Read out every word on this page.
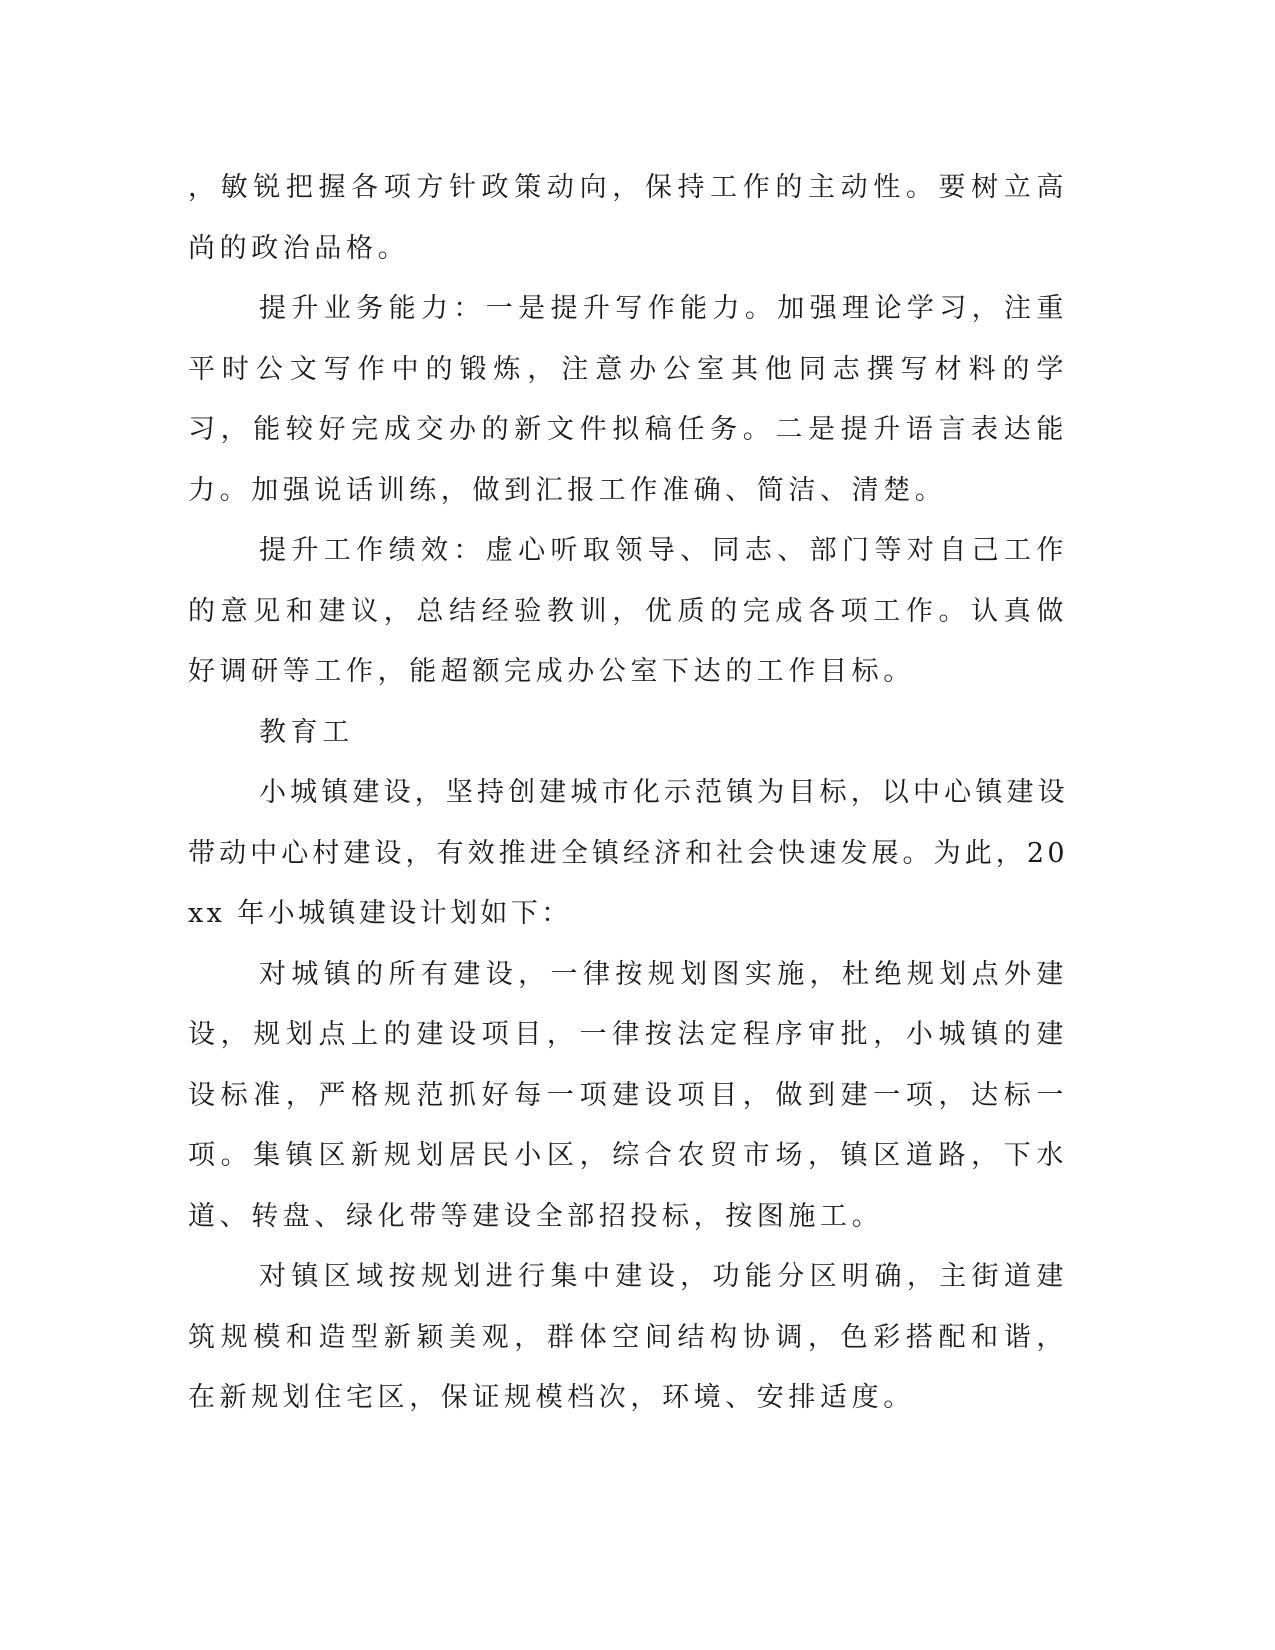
，敏锐把握各项方针政策动向，保持工作的主动性。要树立高尚的政治品格。

提升业务能力：一是提升写作能力。加强理论学习，注重平时公文写作中的锻炼，注意办公室其他同志撰写材料的学习，能较好完成交办的新文件拟稿任务。二是提升语言表达能力。加强说话训练，做到汇报工作准确、简洁、清楚。

提升工作绩效：虚心听取领导、同志、部门等对自己工作的意见和建议，总结经验教训，优质的完成各项工作。认真做好调研等工作，能超额完成办公室下达的工作目标。

教育工

小城镇建设，坚持创建城市化示范镇为目标，以中心镇建设带动中心村建设，有效推进全镇经济和社会快速发展。为此，20xx 年小城镇建设计划如下：

对城镇的所有建设，一律按规划图实施，杜绝规划点外建设，规划点上的建设项目，一律按法定程序审批，小城镇的建设标准，严格规范抓好每一项建设项目，做到建一项，达标一项。集镇区新规划居民小区，综合农贸市场，镇区道路，下水道、转盘、绿化带等建设全部招投标，按图施工。

对镇区域按规划进行集中建设，功能分区明确，主街道建筑规模和造型新颖美观，群体空间结构协调，色彩搭配和谐，在新规划住宅区，保证规模档次，环境、安排适度。
